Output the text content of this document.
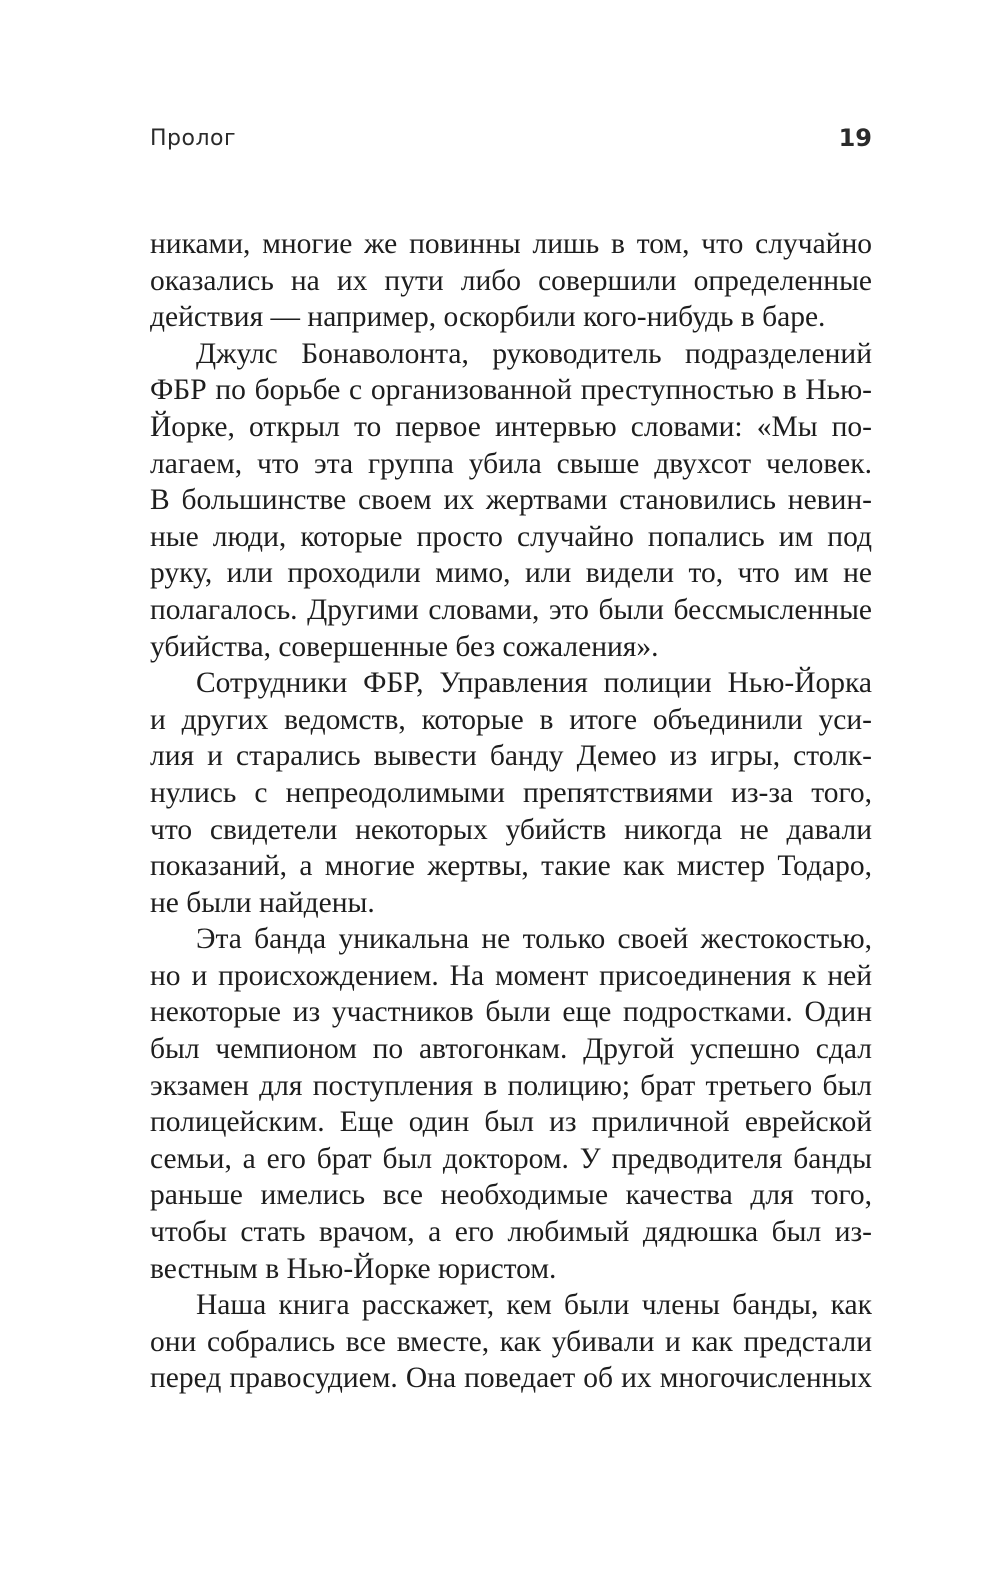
Пролог	19
никами, многие же повинны лишь в том, что случайно
оказались на их пути либо совершили определенные
действия — например, оскорбили кого-нибудь в баре.
Джулс Бонаволонта, руководитель подразделений
ФБР по борьбе с организованной преступностью в Нью-
Йорке, открыл то первое интервью словами: «Мы по-
лагаем, что эта группа убила свыше двухсот человек.
В большинстве своем их жертвами становились невин-
ные люди, которые просто случайно попались им под
руку, или проходили мимо, или видели то, что им не
полагалось. Другими словами, это были бессмысленные
убийства, совершенные без сожаления».
Сотрудники ФБР, Управления полиции Нью-Йорка
и других ведомств, которые в итоге объединили уси-
лия и старались вывести банду Демео из игры, столк-
нулись с непреодолимыми препятствиями из-за того,
что свидетели некоторых убийств никогда не давали
показаний, а многие жертвы, такие как мистер Тодаро,
не были найдены.
Эта банда уникальна не только своей жестокостью,
но и происхождением. На момент присоединения к ней
некоторые из участников были еще подростками. Один
был чемпионом по автогонкам. Другой успешно сдал
экзамен для поступления в полицию; брат третьего был
полицейским. Еще один был из приличной еврейской
семьи, а его брат был доктором. У предводителя банды
раньше имелись все необходимые качества для того,
чтобы стать врачом, а его любимый дядюшка был из-
вестным в Нью-Йорке юристом.
Наша книга расскажет, кем были члены банды, как
они собрались все вместе, как убивали и как предстали
перед правосудием. Она поведает об их многочисленных
